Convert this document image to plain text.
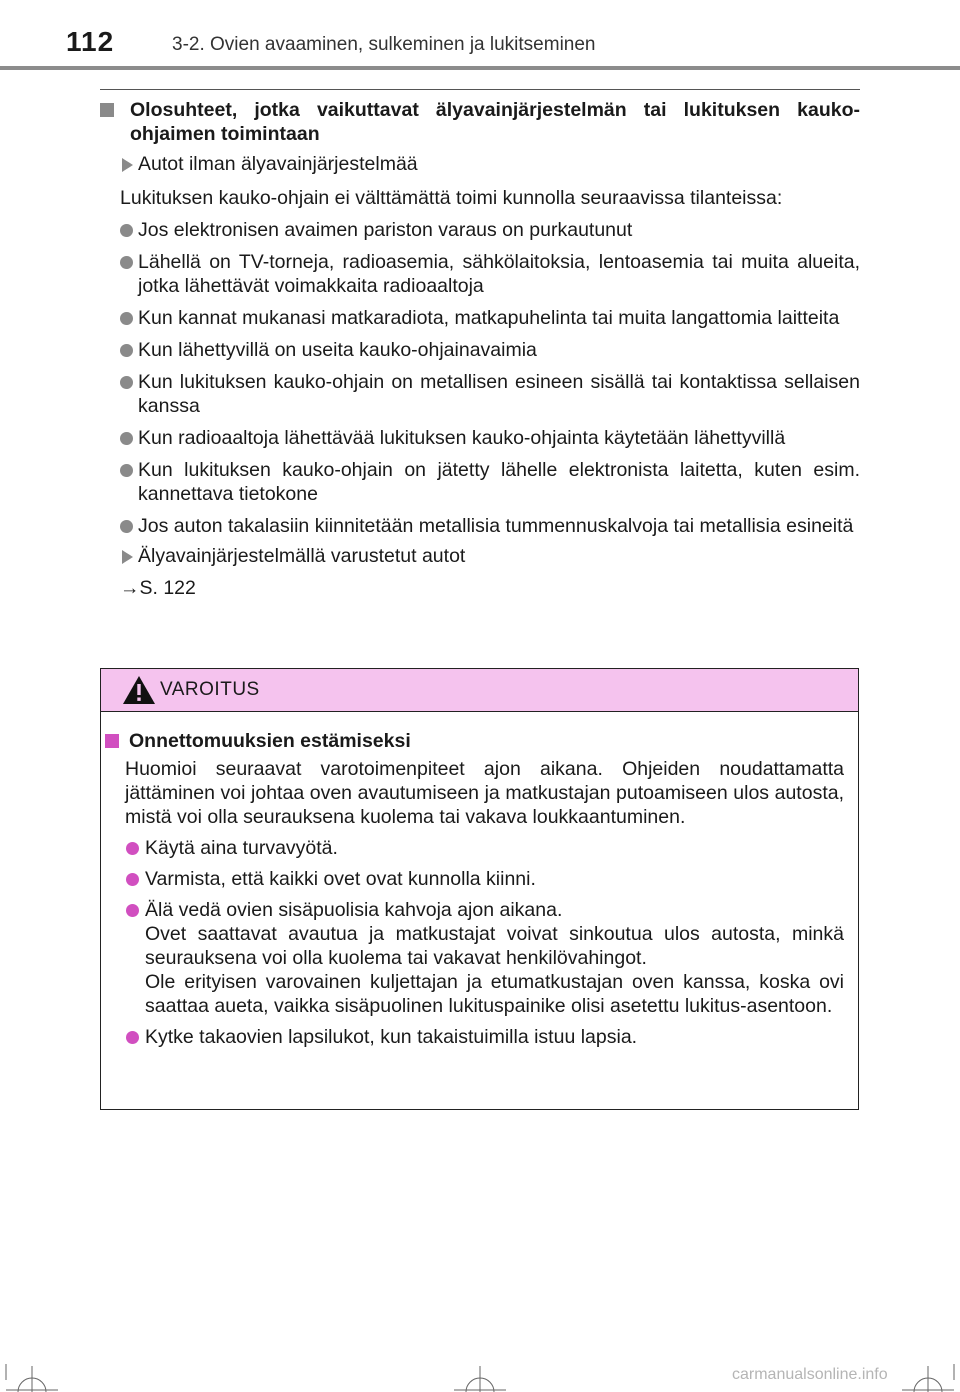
112	3-2. Ovien avaaminen, sulkeminen ja lukitseminen
Olosuhteet, jotka vaikuttavat älyavainjärjestelmän tai lukituksen kauko-ohjaimen toimintaan
Autot ilman älyavainjärjestelmää
Lukituksen kauko-ohjain ei välttämättä toimi kunnolla seuraavissa tilanteissa:
Jos elektronisen avaimen pariston varaus on purkautunut
Lähellä on TV-torneja, radioasemia, sähkölaitoksia, lentoasemia tai muita alueita, jotka lähettävät voimakkaita radioaaltoja
Kun kannat mukanasi matkaradiota, matkapuhelinta tai muita langattomia laitteita
Kun lähettyvillä on useita kauko-ohjainavaimia
Kun lukituksen kauko-ohjain on metallisen esineen sisällä tai kontaktissa sellaisen kanssa
Kun radioaaltoja lähettävää lukituksen kauko-ohjainta käytetään lähettyvillä
Kun lukituksen kauko-ohjain on jätetty lähelle elektronista laitetta, kuten esim. kannettava tietokone
Jos auton takalasiin kiinnitetään metallisia tummennuskalvoja tai metallisia esineitä
Älyavainjärjestelmällä varustetut autot
→S. 122
VAROITUS
Onnettomuuksien estämiseksi
Huomioi seuraavat varotoimenpiteet ajon aikana. Ohjeiden noudattamatta jättäminen voi johtaa oven avautumiseen ja matkustajan putoamiseen ulos autosta, mistä voi olla seurauksena kuolema tai vakava loukkaantuminen.
Käytä aina turvavyötä.
Varmista, että kaikki ovet ovat kunnolla kiinni.
Älä vedä ovien sisäpuolisia kahvoja ajon aikana.
Ovet saattavat avautua ja matkustajat voivat sinkoutua ulos autosta, minkä seurauksena voi olla kuolema tai vakavat henkilövahingot.
Ole erityisen varovainen kuljettajan ja etumatkustajan oven kanssa, koska ovi saattaa aueta, vaikka sisäpuolinen lukituspainike olisi asetettu lukitus-asentoon.
Kytke takaovien lapsilukot, kun takaistuimilla istuu lapsia.
carmanualsonline.info
